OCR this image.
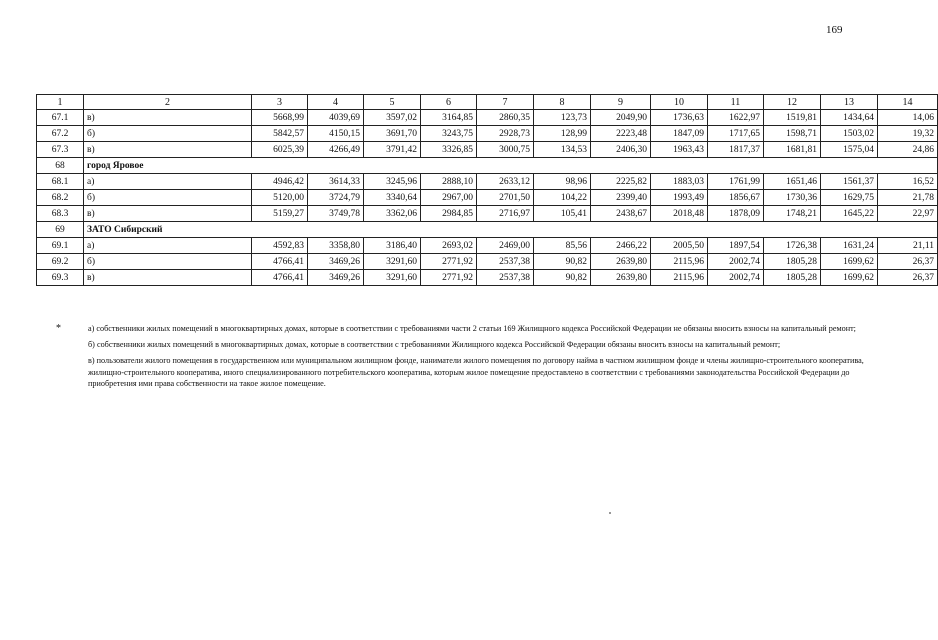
169
1	2	3	4	5	6	7	8	9	10	11	12	13	14
67.1	в)	5668,99	4039,69	3597,02	3164,85	2860,35	123,73	2049,90	1736,63	1622,97	1519,81	1434,64	14,06
67.2	б)	5842,57	4150,15	3691,70	3243,75	2928,73	128,99	2223,48	1847,09	1717,65	1598,71	1503,02	19,32
67.3	в)	6025,39	4266,49	3791,42	3326,85	3000,75	134,53	2406,30	1963,43	1817,37	1681,81	1575,04	24,86
68	город Яровое												
68.1	а)	4946,42	3614,33	3245,96	2888,10	2633,12	98,96	2225,82	1883,03	1761,99	1651,46	1561,37	16,52
68.2	б)	5120,00	3724,79	3340,64	2967,00	2701,50	104,22	2399,40	1993,49	1856,67	1730,36	1629,75	21,78
68.3	в)	5159,27	3749,78	3362,06	2984,85	2716,97	105,41	2438,67	2018,48	1878,09	1748,21	1645,22	22,97
69	ЗАТО Сибирский												
69.1	а)	4592,83	3358,80	3186,40	2693,02	2469,00	85,56	2466,22	2005,50	1897,54	1726,38	1631,24	21,11
69.2	б)	4766,41	3469,26	3291,60	2771,92	2537,38	90,82	2639,80	2115,96	2002,74	1805,28	1699,62	26,37
69.3	в)	4766,41	3469,26	3291,60	2771,92	2537,38	90,82	2639,80	2115,96	2002,74	1805,28	1699,62	26,37
*	а) собственники жилых помещений в многоквартирных домах, которые в соответствии с требованиями части 2 статьи 169 Жилищного кодекса Российской Федерации не обязаны вносить взносы на капитальный ремонт;

б) собственники жилых помещений в многоквартирных домах, которые в соответствии с требованиями Жилищного кодекса Российской Федерации обязаны вносить взносы на капитальный ремонт;

в) пользователи жилого помещения в государственном или муниципальном жилищном фонде, наниматели жилого помещения по договору найма в частном жилищном фонде и члены жилищно-строительного кооператива, жилищно-строительного кооператива, иного специализированного потребительского кооператива, которым жилое помещение предоставлено в соответствии с требованиями законодательства Российской Федерации до приобретения ими права собственности на такое жилое помещение.
